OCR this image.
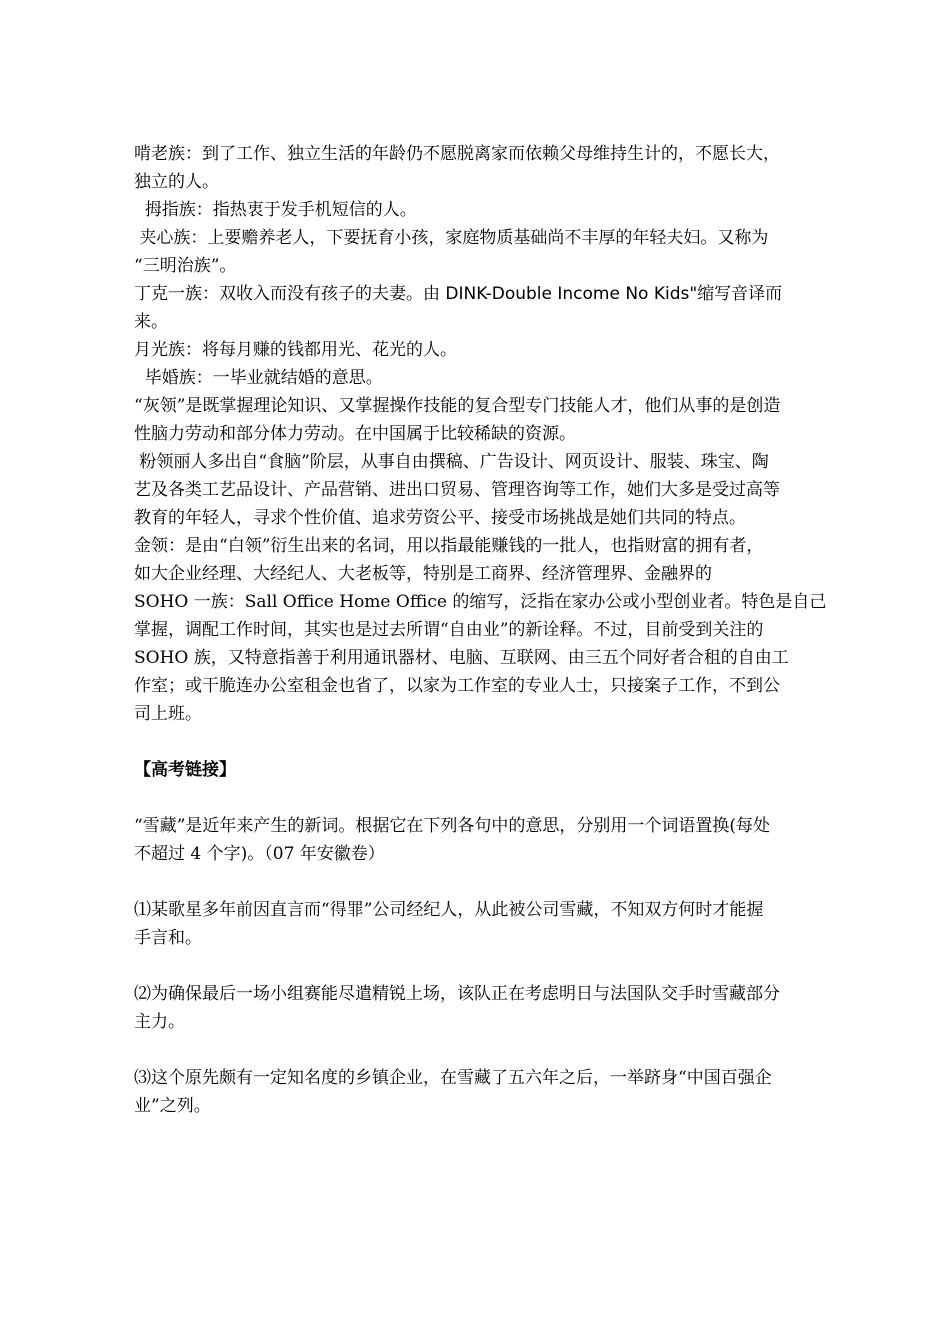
啃老族：到了工作、独立生活的年龄仍不愿脱离家而依赖父母维持生计的，不愿长大，
独立的人。
拇指族：指热衷于发手机短信的人。
夹心族：上要赡养老人，下要抚育小孩，家庭物质基础尚不丰厚的年轻夫妇。又称为
“三明治族”。
丁克一族：双收入而没有孩子的夫妻。由 DINK-Double Income No Kids"缩写音译而
来。
月光族：将每月赚的钱都用光、花光的人。
毕婚族：一毕业就结婚的意思。
“灰领”是既掌握理论知识、又掌握操作技能的复合型专门技能人才，他们从事的是创造
性脑力劳动和部分体力劳动。在中国属于比较稀缺的资源。
粉领丽人多出自“食脑”阶层，从事自由撰稿、广告设计、网页设计、服装、珠宝、陶
艺及各类工艺品设计、产品营销、进出口贸易、管理咨询等工作，她们大多是受过高等
教育的年轻人，寻求个性价值、追求劳资公平、接受市场挑战是她们共同的特点。
金领：是由“白领”衍生出来的名词，用以指最能赚钱的一批人，也指财富的拥有者，
如大企业经理、大经纪人、大老板等，特别是工商界、经济管理界、金融界的
SOHO 一族：Sall Office Home Office 的缩写，泛指在家办公或小型创业者。特色是自己
掌握，调配工作时间，其实也是过去所谓“自由业”的新诠释。不过，目前受到关注的
SOHO 族，又特意指善于利用通讯器材、电脑、互联网、由三五个同好者合租的自由工
作室；或干脆连办公室租金也省了，以家为工作室的专业人士，只接案子工作，不到公
司上班。
【高考链接】
“雪藏”是近年来产生的新词。根据它在下列各句中的意思，分别用一个词语置换(每处
不超过 4 个字)。（07 年安徽卷）
⑴某歌星多年前因直言而“得罪”公司经纪人，从此被公司雪藏，不知双方何时才能握
手言和。
⑵为确保最后一场小组赛能尽遣精锐上场，该队正在考虑明日与法国队交手时雪藏部分
主力。
⑶这个原先颇有一定知名度的乡镇企业，在雪藏了五六年之后，一举跻身“中国百强企
业”之列。
